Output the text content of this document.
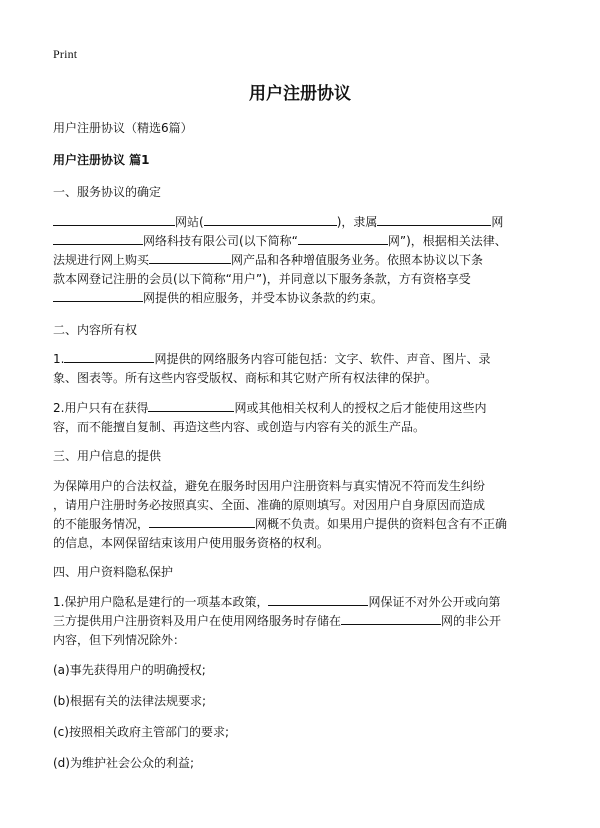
Print
用户注册协议
用户注册协议（精选6篇）
用户注册协议 篇1
一、服务协议的确定
网站(	)，隶属	网
网络科技有限公司(以下简称“	网”)，根据相关法律、
法规进行网上购买	网产品和各种增值服务业务。依照本协议以下条
款本网登记注册的会员(以下简称“用户”)，并同意以下服务条款，方有资格享受
网提供的相应服务，并受本协议条款的约束。
二、内容所有权
1.	网提供的网络服务内容可能包括：文字、软件、声音、图片、录
象、图表等。所有这些内容受版权、商标和其它财产所有权法律的保护。
2.用户只有在获得	网或其他相关权利人的授权之后才能使用这些内
容，而不能擅自复制、再造这些内容、或创造与内容有关的派生产品。
三、用户信息的提供
为保障用户的合法权益，避免在服务时因用户注册资料与真实情况不符而发生纠纷
，请用户注册时务必按照真实、全面、准确的原则填写。对因用户自身原因而造成
的不能服务情况，	网概不负责。如果用户提供的资料包含有不正确
的信息，本网保留结束该用户使用服务资格的权利。
四、用户资料隐私保护
1.保护用户隐私是建行的一项基本政策，	网保证不对外公开或向第
三方提供用户注册资料及用户在使用网络服务时存储在	网的非公开
内容，但下列情况除外：
(a)事先获得用户的明确授权;
(b)根据有关的法律法规要求;
(c)按照相关政府主管部门的要求;
(d)为维护社会公众的利益;
